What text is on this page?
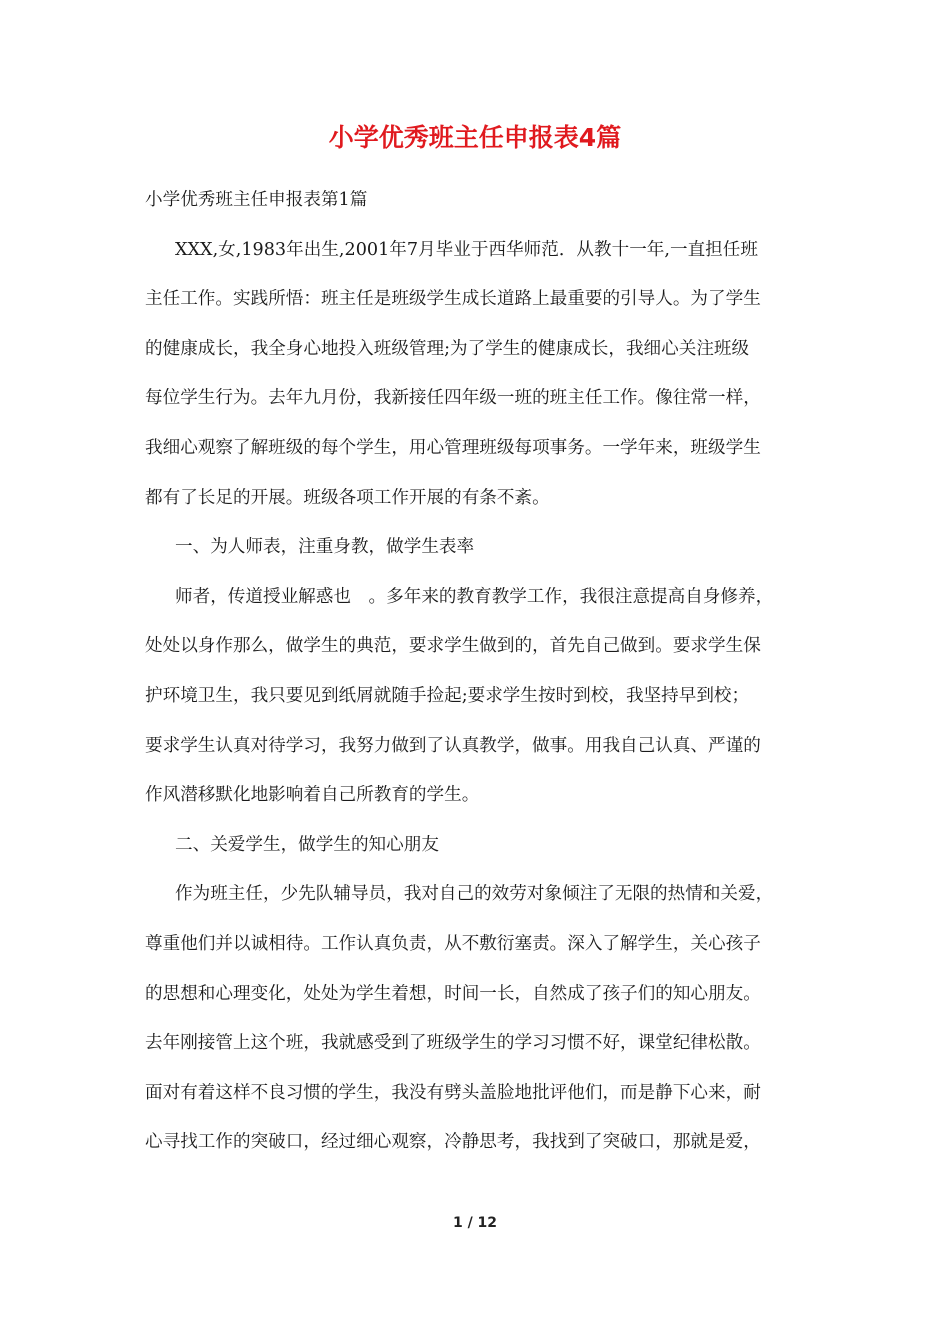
小学优秀班主任申报表4篇
小学优秀班主任申报表第1篇
XXX,女,1983年出生,2001年7月毕业于西华师范．从教十一年,一直担任班
主任工作。实践所悟：班主任是班级学生成长道路上最重要的引导人。为了学生
的健康成长，我全身心地投入班级管理;为了学生的健康成长，我细心关注班级
每位学生行为。去年九月份，我新接任四年级一班的班主任工作。像往常一样，
我细心观察了解班级的每个学生，用心管理班级每项事务。一学年来，班级学生
都有了长足的开展。班级各项工作开展的有条不紊。
一、为人师表，注重身教，做学生表率
师者，传道授业解惑也　。多年来的教育教学工作，我很注意提高自身修养，
处处以身作那么，做学生的典范，要求学生做到的，首先自己做到。要求学生保
护环境卫生，我只要见到纸屑就随手捡起;要求学生按时到校，我坚持早到校；
要求学生认真对待学习，我努力做到了认真教学，做事。用我自己认真、严谨的
作风潜移默化地影响着自己所教育的学生。
二、关爱学生，做学生的知心朋友
作为班主任，少先队辅导员，我对自己的效劳对象倾注了无限的热情和关爱，
尊重他们并以诚相待。工作认真负责，从不敷衍塞责。深入了解学生，关心孩子
的思想和心理变化，处处为学生着想，时间一长，自然成了孩子们的知心朋友。
去年刚接管上这个班，我就感受到了班级学生的学习习惯不好，课堂纪律松散。
面对有着这样不良习惯的学生，我没有劈头盖脸地批评他们，而是静下心来，耐
心寻找工作的突破口，经过细心观察，冷静思考，我找到了突破口，那就是爱，
1 / 12
